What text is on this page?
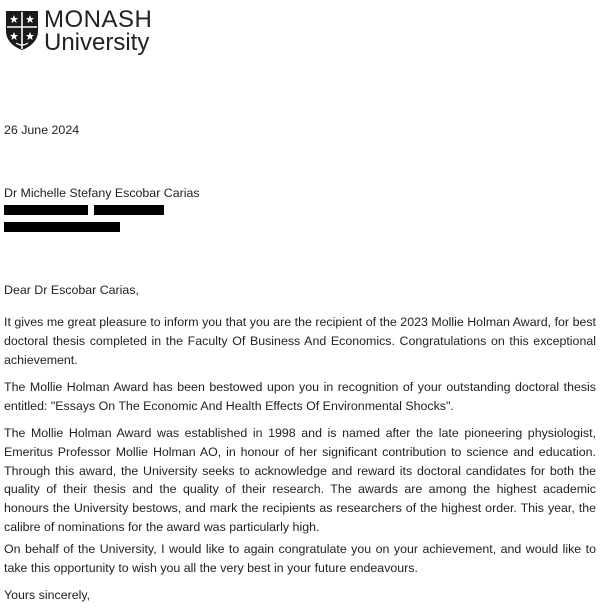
MONASH
University
26 June 2024
Dr Michelle Stefany Escobar Carias
Dear Dr Escobar Carias,
It gives me great pleasure to inform you that you are the recipient of the 2023 Mollie Holman Award, for best doctoral thesis completed in the Faculty Of Business And Economics. Congratulations on this exceptional achievement.
The Mollie Holman Award has been bestowed upon you in recognition of your outstanding doctoral thesis entitled: "Essays On The Economic And Health Effects Of Environmental Shocks".
The Mollie Holman Award was established in 1998 and is named after the late pioneering physiologist, Emeritus Professor Mollie Holman AO, in honour of her significant contribution to science and education. Through this award, the University seeks to acknowledge and reward its doctoral candidates for both the quality of their thesis and the quality of their research. The awards are among the highest academic honours the University bestows, and mark the recipients as researchers of the highest order. This year, the calibre of nominations for the award was particularly high.
On behalf of the University, I would like to again congratulate you on your achievement, and would like to take this opportunity to wish you all the very best in your future endeavours.
Yours sincerely,
